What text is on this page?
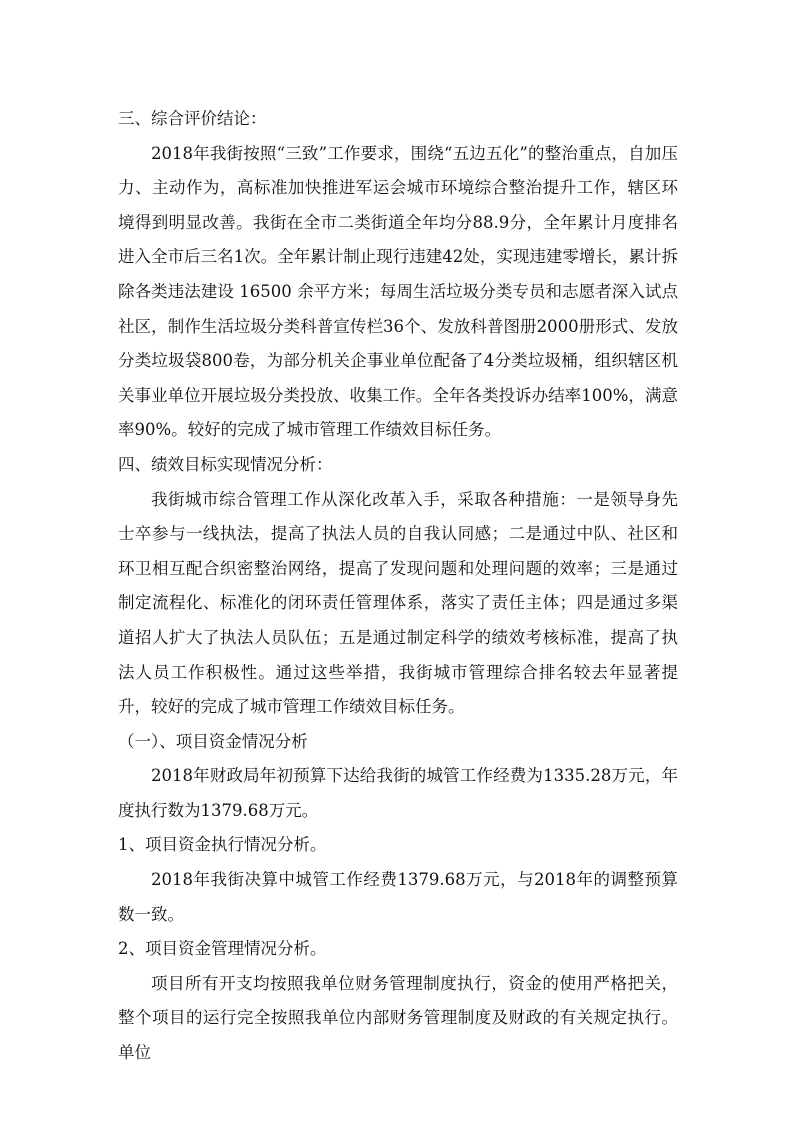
三、综合评价结论：

2018年我街按照“三致”工作要求，围绕“五边五化”的整治重点，自加压力、主动作为，高标准加快推进军运会城市环境综合整治提升工作，辖区环境得到明显改善。我街在全市二类街道全年均分88.9分，全年累计月度排名进入全市后三名1次。全年累计制止现行违建42处，实现违建零增长，累计拆除各类违法建设 16500 余平方米；每周生活垃圾分类专员和志愿者深入试点社区，制作生活垃圾分类科普宣传栏36个、发放科普图册2000册形式、发放分类垃圾袋800卷，为部分机关企事业单位配备了4分类垃圾桶，组织辖区机关事业单位开展垃圾分类投放、收集工作。全年各类投诉办结率100%，满意率90%。较好的完成了城市管理工作绩效目标任务。

四、绩效目标实现情况分析：

我街城市综合管理工作从深化改革入手，采取各种措施：一是领导身先士卒参与一线执法，提高了执法人员的自我认同感；二是通过中队、社区和环卫相互配合织密整治网络，提高了发现问题和处理问题的效率；三是通过制定流程化、标准化的闭环责任管理体系，落实了责任主体；四是通过多渠道招人扩大了执法人员队伍；五是通过制定科学的绩效考核标准，提高了执法人员工作积极性。通过这些举措，我街城市管理综合排名较去年显著提升，较好的完成了城市管理工作绩效目标任务。

（一）、项目资金情况分析

2018年财政局年初预算下达给我街的城管工作经费为1335.28万元，年度执行数为1379.68万元。

1、项目资金执行情况分析。

2018年我街决算中城管工作经费1379.68万元，与2018年的调整预算数一致。

2、项目资金管理情况分析。

项目所有开支均按照我单位财务管理制度执行，资金的使用严格把关，整个项目的运行完全按照我单位内部财务管理制度及财政的有关规定执行。单位
